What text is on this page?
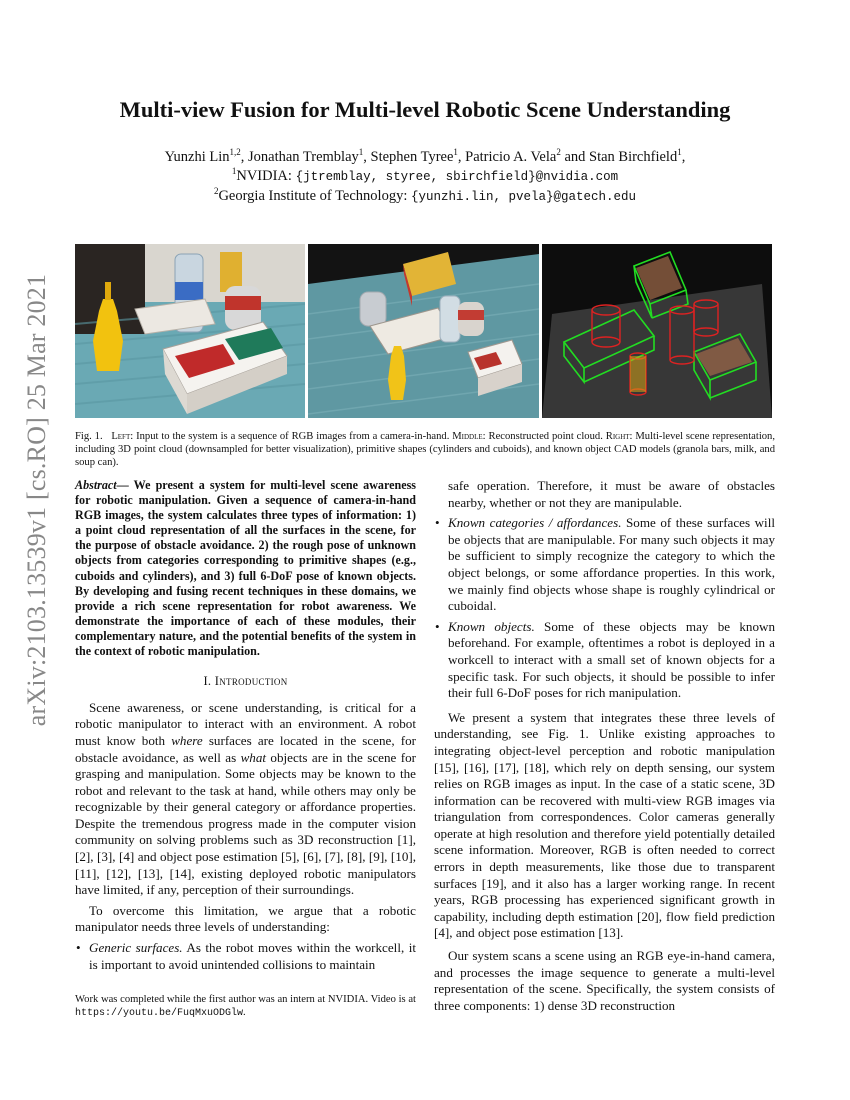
arXiv:2103.13539v1 [cs.RO] 25 Mar 2021
Multi-view Fusion for Multi-level Robotic Scene Understanding
Yunzhi Lin$^{1,2}$, Jonathan Tremblay$^1$, Stephen Tyree$^1$, Patricio A. Vela$^2$ and Stan Birchfield$^1$,
$^1$NVIDIA: {jtremblay, styree, sbirchfield}@nvidia.com
$^2$Georgia Institute of Technology: {yunzhi.lin, pvela}@gatech.edu
Fig. 1. Left: Input to the system is a sequence of RGB images from a camera-in-hand. Middle: Reconstructed point cloud. Right: Multi-level scene representation, including 3D point cloud (downsampled for better visualization), primitive shapes (cylinders and cuboids), and known object CAD models (granola bars, milk, and soup can).
Abstract— We present a system for multi-level scene awareness for robotic manipulation. Given a sequence of camera-in-hand RGB images, the system calculates three types of information: 1) a point cloud representation of all the surfaces in the scene, for the purpose of obstacle avoidance. 2) the rough pose of unknown objects from categories corresponding to primitive shapes (e.g., cuboids and cylinders), and 3) full 6-DoF pose of known objects. By developing and fusing recent techniques in these domains, we provide a rich scene representation for robot awareness. We demonstrate the importance of each of these modules, their complementary nature, and the potential benefits of the system in the context of robotic manipulation.
I. Introduction

Scene awareness, or scene understanding, is critical for a robotic manipulator to interact with an environment. A robot must know both where surfaces are located in the scene, for obstacle avoidance, as well as what objects are in the scene for grasping and manipulation. Some objects may be known to the robot and relevant to the task at hand, while others may only be recognizable by their general category or affordance properties. Despite the tremendous progress made in the computer vision community on solving problems such as 3D reconstruction [1], [2], [3], [4] and object pose estimation [5], [6], [7], [8], [9], [10], [11], [12], [13], [14], existing deployed robotic manipulators have limited, if any, perception of their surroundings.

To overcome this limitation, we argue that a robotic manipulator needs three levels of understanding:

• Generic surfaces. As the robot moves within the workcell, it is important to avoid unintended collisions to maintain
safe operation. Therefore, it must be aware of obstacles nearby, whether or not they are manipulable.
• Known categories / affordances. Some of these surfaces will be objects that are manipulable. For many such objects it may be sufficient to simply recognize the category to which the object belongs, or some affordance properties. In this work, we mainly find objects whose shape is roughly cylindrical or cuboidal.
• Known objects. Some of these objects may be known beforehand. For example, oftentimes a robot is deployed in a workcell to interact with a small set of known objects for a specific task. For such objects, it should be possible to infer their full 6-DoF poses for rich manipulation.

We present a system that integrates these three levels of understanding, see Fig. 1. Unlike existing approaches to integrating object-level perception and robotic manipulation [15], [16], [17], [18], which rely on depth sensing, our system relies on RGB images as input. In the case of a static scene, 3D information can be recovered with multi-view RGB images via triangulation from correspondences. Color cameras generally operate at high resolution and therefore yield potentially detailed scene information. Moreover, RGB is often needed to correct errors in depth measurements, like those due to transparent surfaces [19], and it also has a larger working range. In recent years, RGB processing has experienced significant growth in capability, including depth estimation [20], flow field prediction [4], and object pose estimation [13].

Our system scans a scene using an RGB eye-in-hand camera, and processes the image sequence to generate a multi-level representation of the scene. Specifically, the system consists of three components: 1) dense 3D reconstruction

Work was completed while the first author was an intern at NVIDIA. Video is at https://youtu.be/FuqMxuODGlw.
